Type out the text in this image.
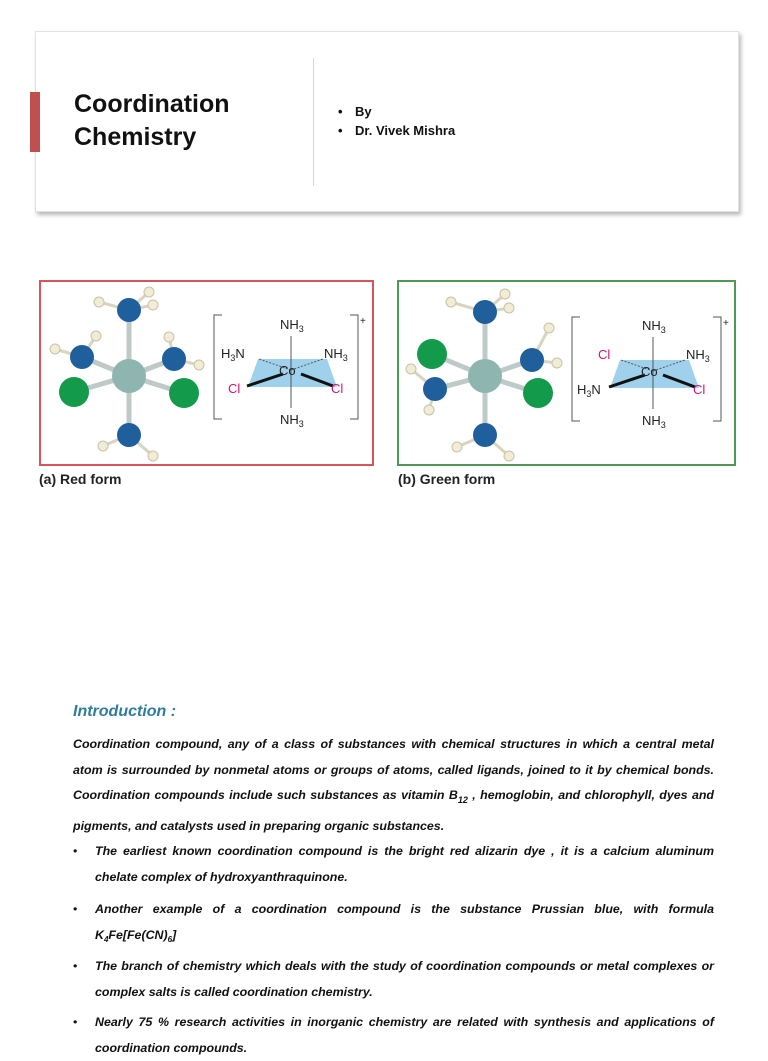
Coordination Chemistry
• By
• Dr. Vivek Mishra
+
$NH_3$
$H_3N$	$NH_3$
Co
Cl	Cl
$NH_3$
(a) Red form
+
$NH_3$
Cl	$NH_3$
Co
$H_3N$	Cl
$NH_3$
(b) Green form
Introduction :

Coordination compound, any of a class of substances with chemical structures in which a central metal atom is surrounded by nonmetal atoms or groups of atoms, called ligands, joined to it by chemical bonds. Coordination compounds include such substances as vitamin $B_{12}$ , hemoglobin, and chlorophyll, dyes and pigments, and catalysts used in preparing organic substances.

• The earliest known coordination compound is the bright red alizarin dye , it is a calcium aluminum chelate complex of hydroxyanthraquinone.
• Another example of a coordination compound is the substance Prussian blue, with formula $K_4Fe[Fe(CN)_6]$
• The branch of chemistry which deals with the study of coordination compounds or metal complexes or complex salts is called coordination chemistry.
• Nearly 75 % research activities in inorganic chemistry are related with synthesis and applications of coordination compounds.
